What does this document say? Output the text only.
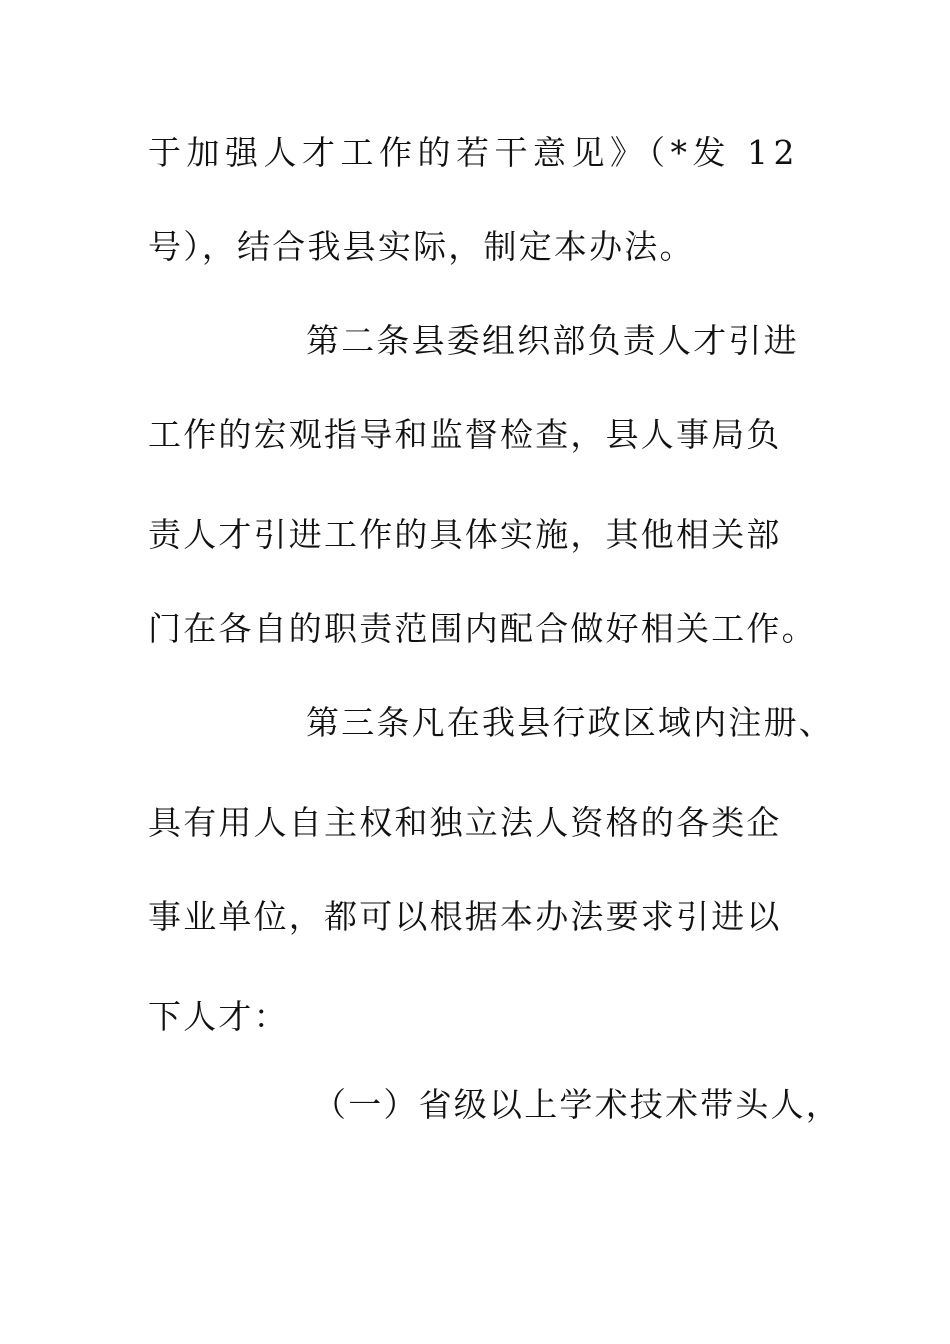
于加强人才工作的若干意见》（*发 12
号），结合我县实际，制定本办法。
第二条县委组织部负责人才引进
工作的宏观指导和监督检查，县人事局负
责人才引进工作的具体实施，其他相关部
门在各自的职责范围内配合做好相关工作。
第三条凡在我县行政区域内注册、
具有用人自主权和独立法人资格的各类企
事业单位，都可以根据本办法要求引进以
下人才：
（一）省级以上学术技术带头人，
